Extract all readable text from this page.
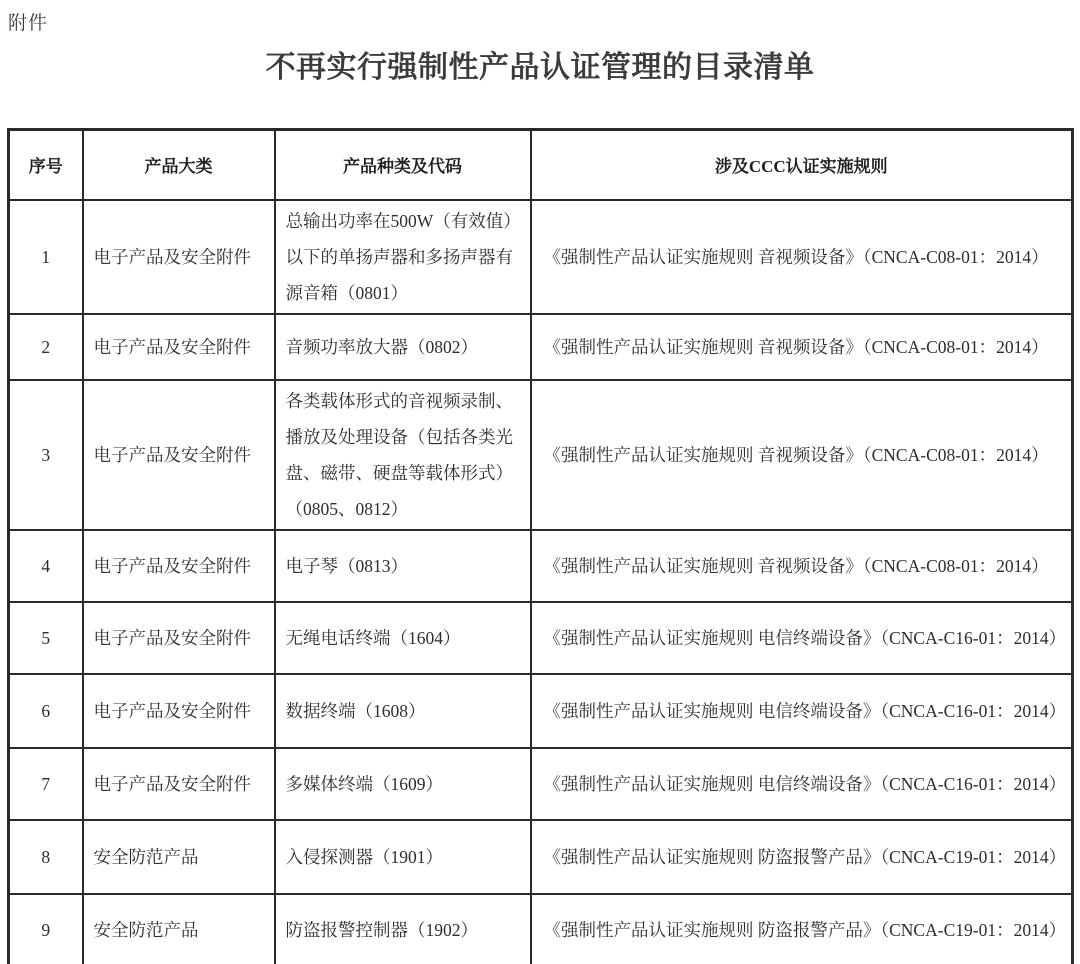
附件
不再实行强制性产品认证管理的目录清单
序号	产品大类	产品种类及代码	涉及CCC认证实施规则
1	电子产品及安全附件	总输出功率在500W（有效值）以下的单扬声器和多扬声器有源音箱（0801）	《强制性产品认证实施规则 音视频设备》（CNCA-C08-01：2014）
2	电子产品及安全附件	音频功率放大器（0802）	《强制性产品认证实施规则 音视频设备》（CNCA-C08-01：2014）
3	电子产品及安全附件	各类载体形式的音视频录制、播放及处理设备（包括各类光盘、磁带、硬盘等载体形式）（0805、0812）	《强制性产品认证实施规则 音视频设备》（CNCA-C08-01：2014）
4	电子产品及安全附件	电子琴（0813）	《强制性产品认证实施规则 音视频设备》（CNCA-C08-01：2014）
5	电子产品及安全附件	无绳电话终端（1604）	《强制性产品认证实施规则 电信终端设备》（CNCA-C16-01：2014）
6	电子产品及安全附件	数据终端（1608）	《强制性产品认证实施规则 电信终端设备》（CNCA-C16-01：2014）
7	电子产品及安全附件	多媒体终端（1609）	《强制性产品认证实施规则 电信终端设备》（CNCA-C16-01：2014）
8	安全防范产品	入侵探测器（1901）	《强制性产品认证实施规则 防盗报警产品》（CNCA-C19-01：2014）
9	安全防范产品	防盗报警控制器（1902）	《强制性产品认证实施规则 防盗报警产品》（CNCA-C19-01：2014）
